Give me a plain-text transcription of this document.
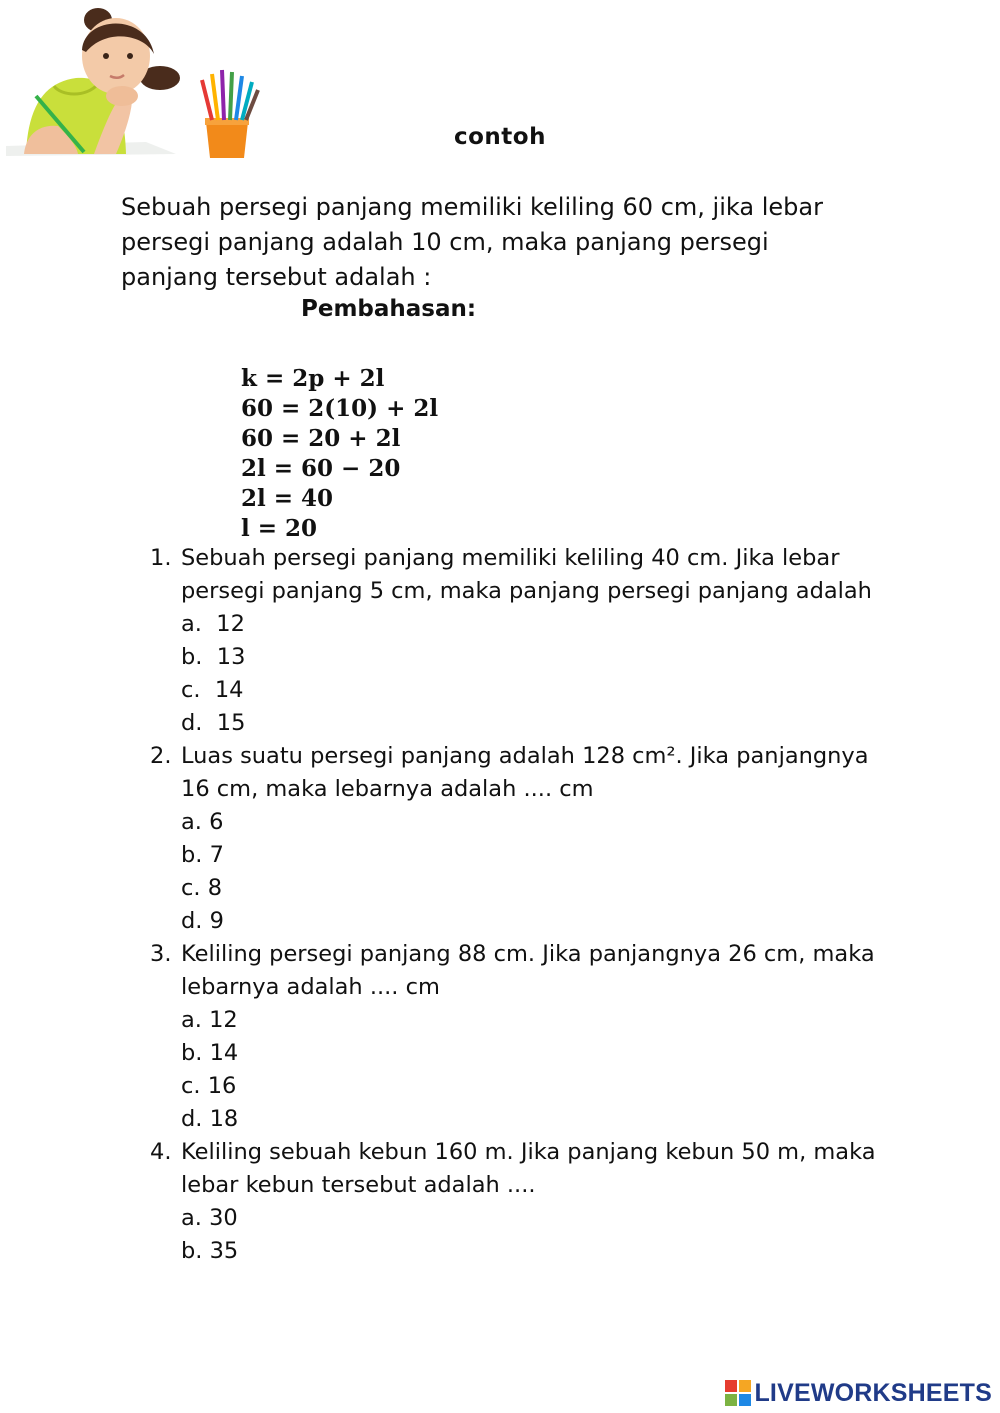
contoh
Sebuah persegi panjang memiliki keliling 60 cm, jika lebar persegi panjang adalah 10 cm, maka panjang persegi panjang tersebut adalah :
Pembahasan:
k = 2p + 2l
60 = 2(10) + 2l
60 = 20 + 2l
2l = 60 − 20
2l = 40
l = 20
1. Sebuah persegi panjang memiliki keliling 40 cm. Jika lebar persegi panjang 5 cm, maka panjang persegi panjang adalah
a. 12
b. 13
c. 14
d. 15
2. Luas suatu persegi panjang adalah 128 cm². Jika panjangnya 16 cm, maka lebarnya adalah .... cm
a. 6
b. 7
c. 8
d. 9
3. Keliling persegi panjang 88 cm. Jika panjangnya 26 cm, maka lebarnya adalah .... cm
a. 12
b. 14
c. 16
d. 18
4. Keliling sebuah kebun 160 m. Jika panjang kebun 50 m, maka lebar kebun tersebut adalah ....
a. 30
b. 35
LIVEWORKSHEETS
